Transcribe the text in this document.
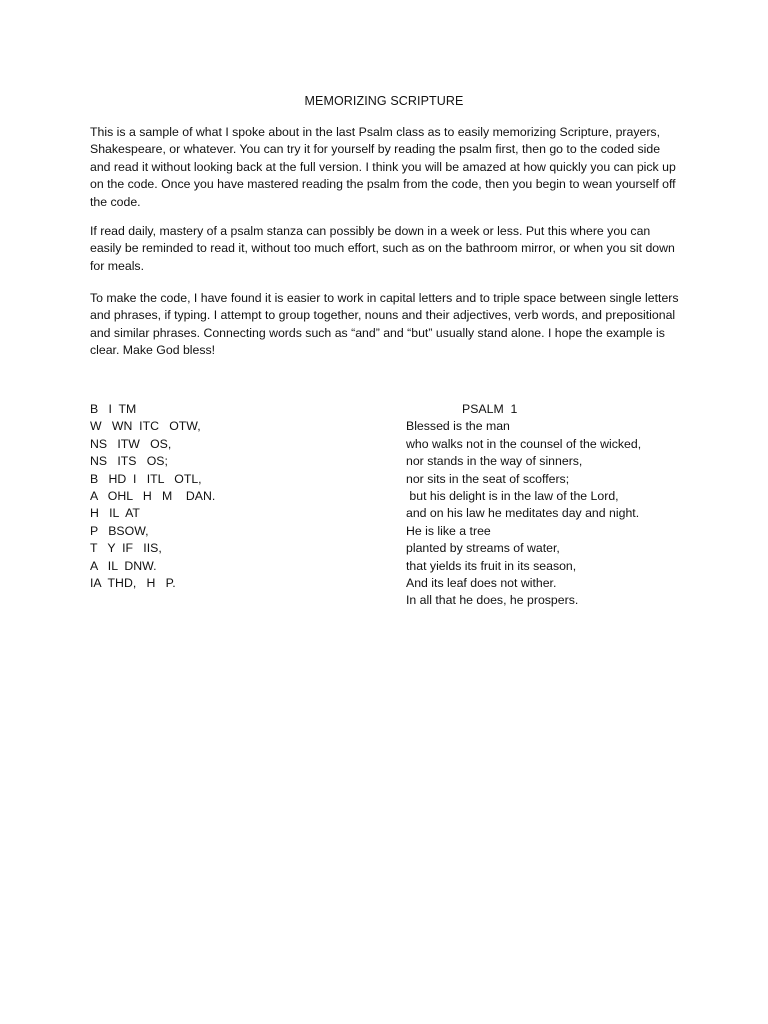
MEMORIZING SCRIPTURE

This is a sample of what I spoke about in the last Psalm class as to easily memorizing Scripture, prayers, Shakespeare, or whatever. You can try it for yourself by reading the psalm first, then go to the coded side and read it without looking back at the full version. I think you will be amazed at how quickly you can pick up on the code. Once you have mastered reading the psalm from the code, then you begin to wean yourself off the code.

If read daily, mastery of a psalm stanza can possibly be down in a week or less. Put this where you can easily be reminded to read it, without too much effort, such as on the bathroom mirror, or when you sit down for meals.

To make the code, I have found it is easier to work in capital letters and to triple space between single letters and phrases, if typing. I attempt to group together, nouns and their adjectives, verb words, and prepositional and similar phrases. Connecting words such as “and” and “but” usually stand alone. I hope the example is clear. Make God bless!

B   I  TM
W   WN  ITC   OTW,
NS   ITW   OS,
NS   ITS   OS;
B   HD  I   ITL   OTL,
A   OHL   H   M    DAN.
H   IL  AT
P   BSOW,
T   Y  IF   IIS,
A   IL  DNW.
IA  THD,   H   P.
PSALM  1
Blessed is the man
who walks not in the counsel of the wicked,
nor stands in the way of sinners,
nor sits in the seat of scoffers;
but his delight is in the law of the Lord,
and on his law he meditates day and night.
He is like a tree
planted by streams of water,
that yields its fruit in its season,
And its leaf does not wither.
In all that he does, he prospers.
